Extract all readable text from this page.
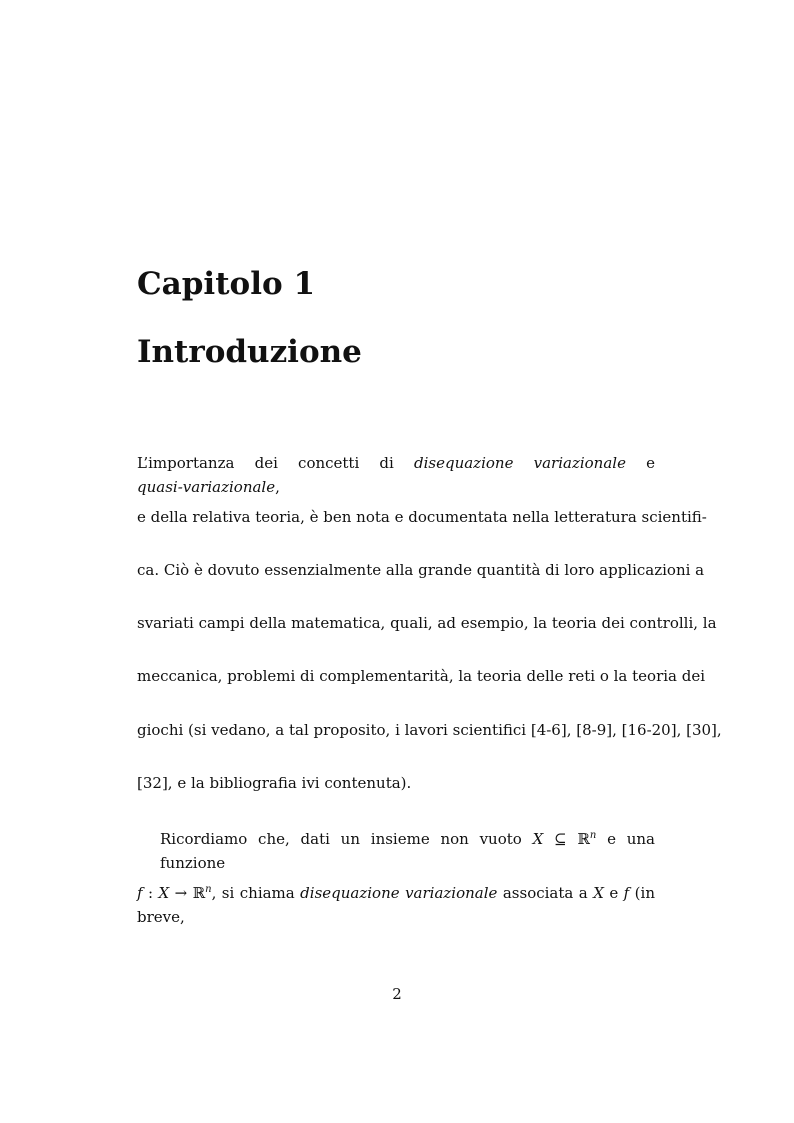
Capitolo 1
Introduzione
L’importanza dei concetti di disequazione variazionale e quasi-variazionale,
e della relativa teoria, è ben nota e documentata nella letteratura scientifi-
ca. Ciò è dovuto essenzialmente alla grande quantità di loro applicazioni a
svariati campi della matematica, quali, ad esempio, la teoria dei controlli, la
meccanica, problemi di complementarità, la teoria delle reti o la teoria dei
giochi (si vedano, a tal proposito, i lavori scientifici [4-6], [8-9], [16-20], [30],
[32], e la bibliografia ivi contenuta).
Ricordiamo che, dati un insieme non vuoto X ⊆ ℝ$^n$ e una funzione
f : X → ℝ$^n$, si chiama disequazione variazionale associata a X e f (in breve,
2
